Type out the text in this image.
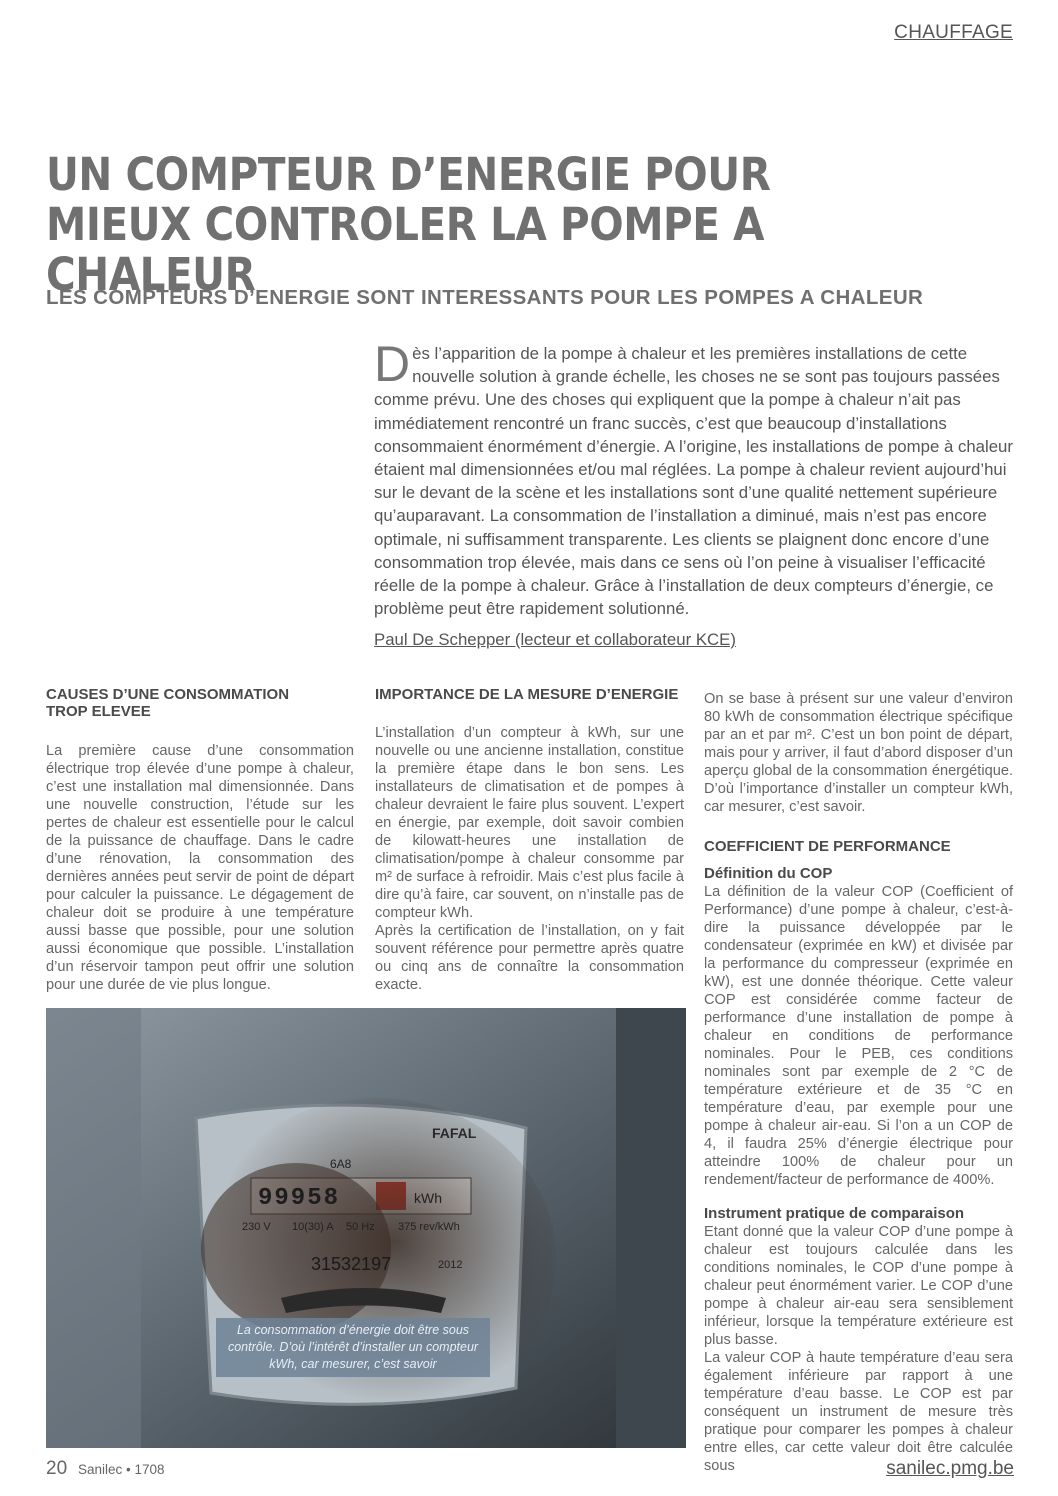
CHAUFFAGE
UN COMPTEUR D’ENERGIE POUR MIEUX CONTROLER LA POMPE A CHALEUR
LES COMPTEURS D’ENERGIE SONT INTERESSANTS POUR LES POMPES A CHALEUR

Dès l’apparition de la pompe à chaleur et les premières installations de cette nouvelle solution à grande échelle, les choses ne se sont pas toujours passées comme prévu. Une des choses qui expliquent que la pompe à chaleur n’ait pas immédiatement rencontré un franc succès, c’est que beaucoup d’installations consommaient énormément d’énergie. A l’origine, les installations de pompe à chaleur étaient mal dimensionnées et/ou mal réglées. La pompe à chaleur revient aujourd’hui sur le devant de la scène et les installations sont d’une qualité nettement supérieure qu’auparavant. La consommation de l’installation a diminué, mais n’est pas encore optimale, ni suffisamment transparente. Les clients se plaignent donc encore d’une consommation trop élevée, mais dans ce sens où l’on peine à visualiser l’efficacité réelle de la pompe à chaleur. Grâce à l’installation de deux compteurs d’énergie, ce problème peut être rapidement solutionné.

Paul De Schepper (lecteur et collaborateur KCE)
CAUSES D’UNE CONSOMMATION TROP ELEVEE

La première cause d’une consommation électrique trop élevée d’une pompe à chaleur, c’est une installation mal dimensionnée. Dans une nouvelle construction, l’étude sur les pertes de chaleur est essentielle pour le calcul de la puissance de chauffage. Dans le cadre d’une rénovation, la consommation des dernières années peut servir de point de départ pour calculer la puissance. Le dégagement de chaleur doit se produire à une température aussi basse que possible, pour une solution aussi économique que possible. L’installation d’un réservoir tampon peut offrir une solution pour une durée de vie plus longue.

IMPORTANCE DE LA MESURE D’ENERGIE

L’installation d’un compteur à kWh, sur une nouvelle ou une ancienne installation, constitue la première étape dans le bon sens. Les installateurs de climatisation et de pompes à chaleur devraient le faire plus souvent. L’expert en énergie, par exemple, doit savoir combien de kilowatt-heures une installation de climatisation/pompe à chaleur consomme par m² de surface à refroidir. Mais c’est plus facile à dire qu’à faire, car souvent, on n’installe pas de compteur kWh.

Après la certification de l’installation, on y fait souvent référence pour permettre après quatre ou cinq ans de connaître la consommation exacte.

On se base à présent sur une valeur d’environ 80 kWh de consommation électrique spécifique par an et par m². C’est un bon point de départ, mais pour y arriver, il faut d’abord disposer d’un aperçu global de la consommation énergétique. D’où l’importance d’installer un compteur kWh, car mesurer, c’est savoir.

COEFFICIENT DE PERFORMANCE
Définition du COP

La définition de la valeur COP (Coefficient of Performance) d’une pompe à chaleur, c’est-à-dire la puissance développée par le condensateur (exprimée en kW) et divisée par la performance du compresseur (exprimée en kW), est une donnée théorique. Cette valeur COP est considérée comme facteur de performance d’une installation de pompe à chaleur en conditions de performance nominales. Pour le PEB, ces conditions nominales sont par exemple de 2 °C de température extérieure et de 35 °C en température d’eau, par exemple pour une pompe à chaleur air-eau. Si l’on a un COP de 4, il faudra 25% d’énergie électrique pour atteindre 100% de chaleur pour un rendement/facteur de performance de 400%.

Instrument pratique de comparaison

Etant donné que la valeur COP d’une pompe à chaleur est toujours calculée dans les conditions nominales, le COP d’une pompe à chaleur peut énormément varier. Le COP d’une pompe à chaleur air-eau sera sensiblement inférieur, lorsque la température extérieure est plus basse.

La valeur COP à haute température d’eau sera également inférieure par rapport à une température d’eau basse. Le COP est par conséquent un instrument de mesure très pratique pour comparer les pompes à chaleur entre elles, car cette valeur doit être calculée sous

FAFAL
6A8
99958	kWh
230 V 10(30) A 50 Hz 375 rev/kWh
31532197	2012
La consommation d’énergie doit être sous contrôle. D’où l’intérêt d’installer un compteur kWh, car mesurer, c’est savoir
20 Sanilec • 1708	sanilec.pmg.be
